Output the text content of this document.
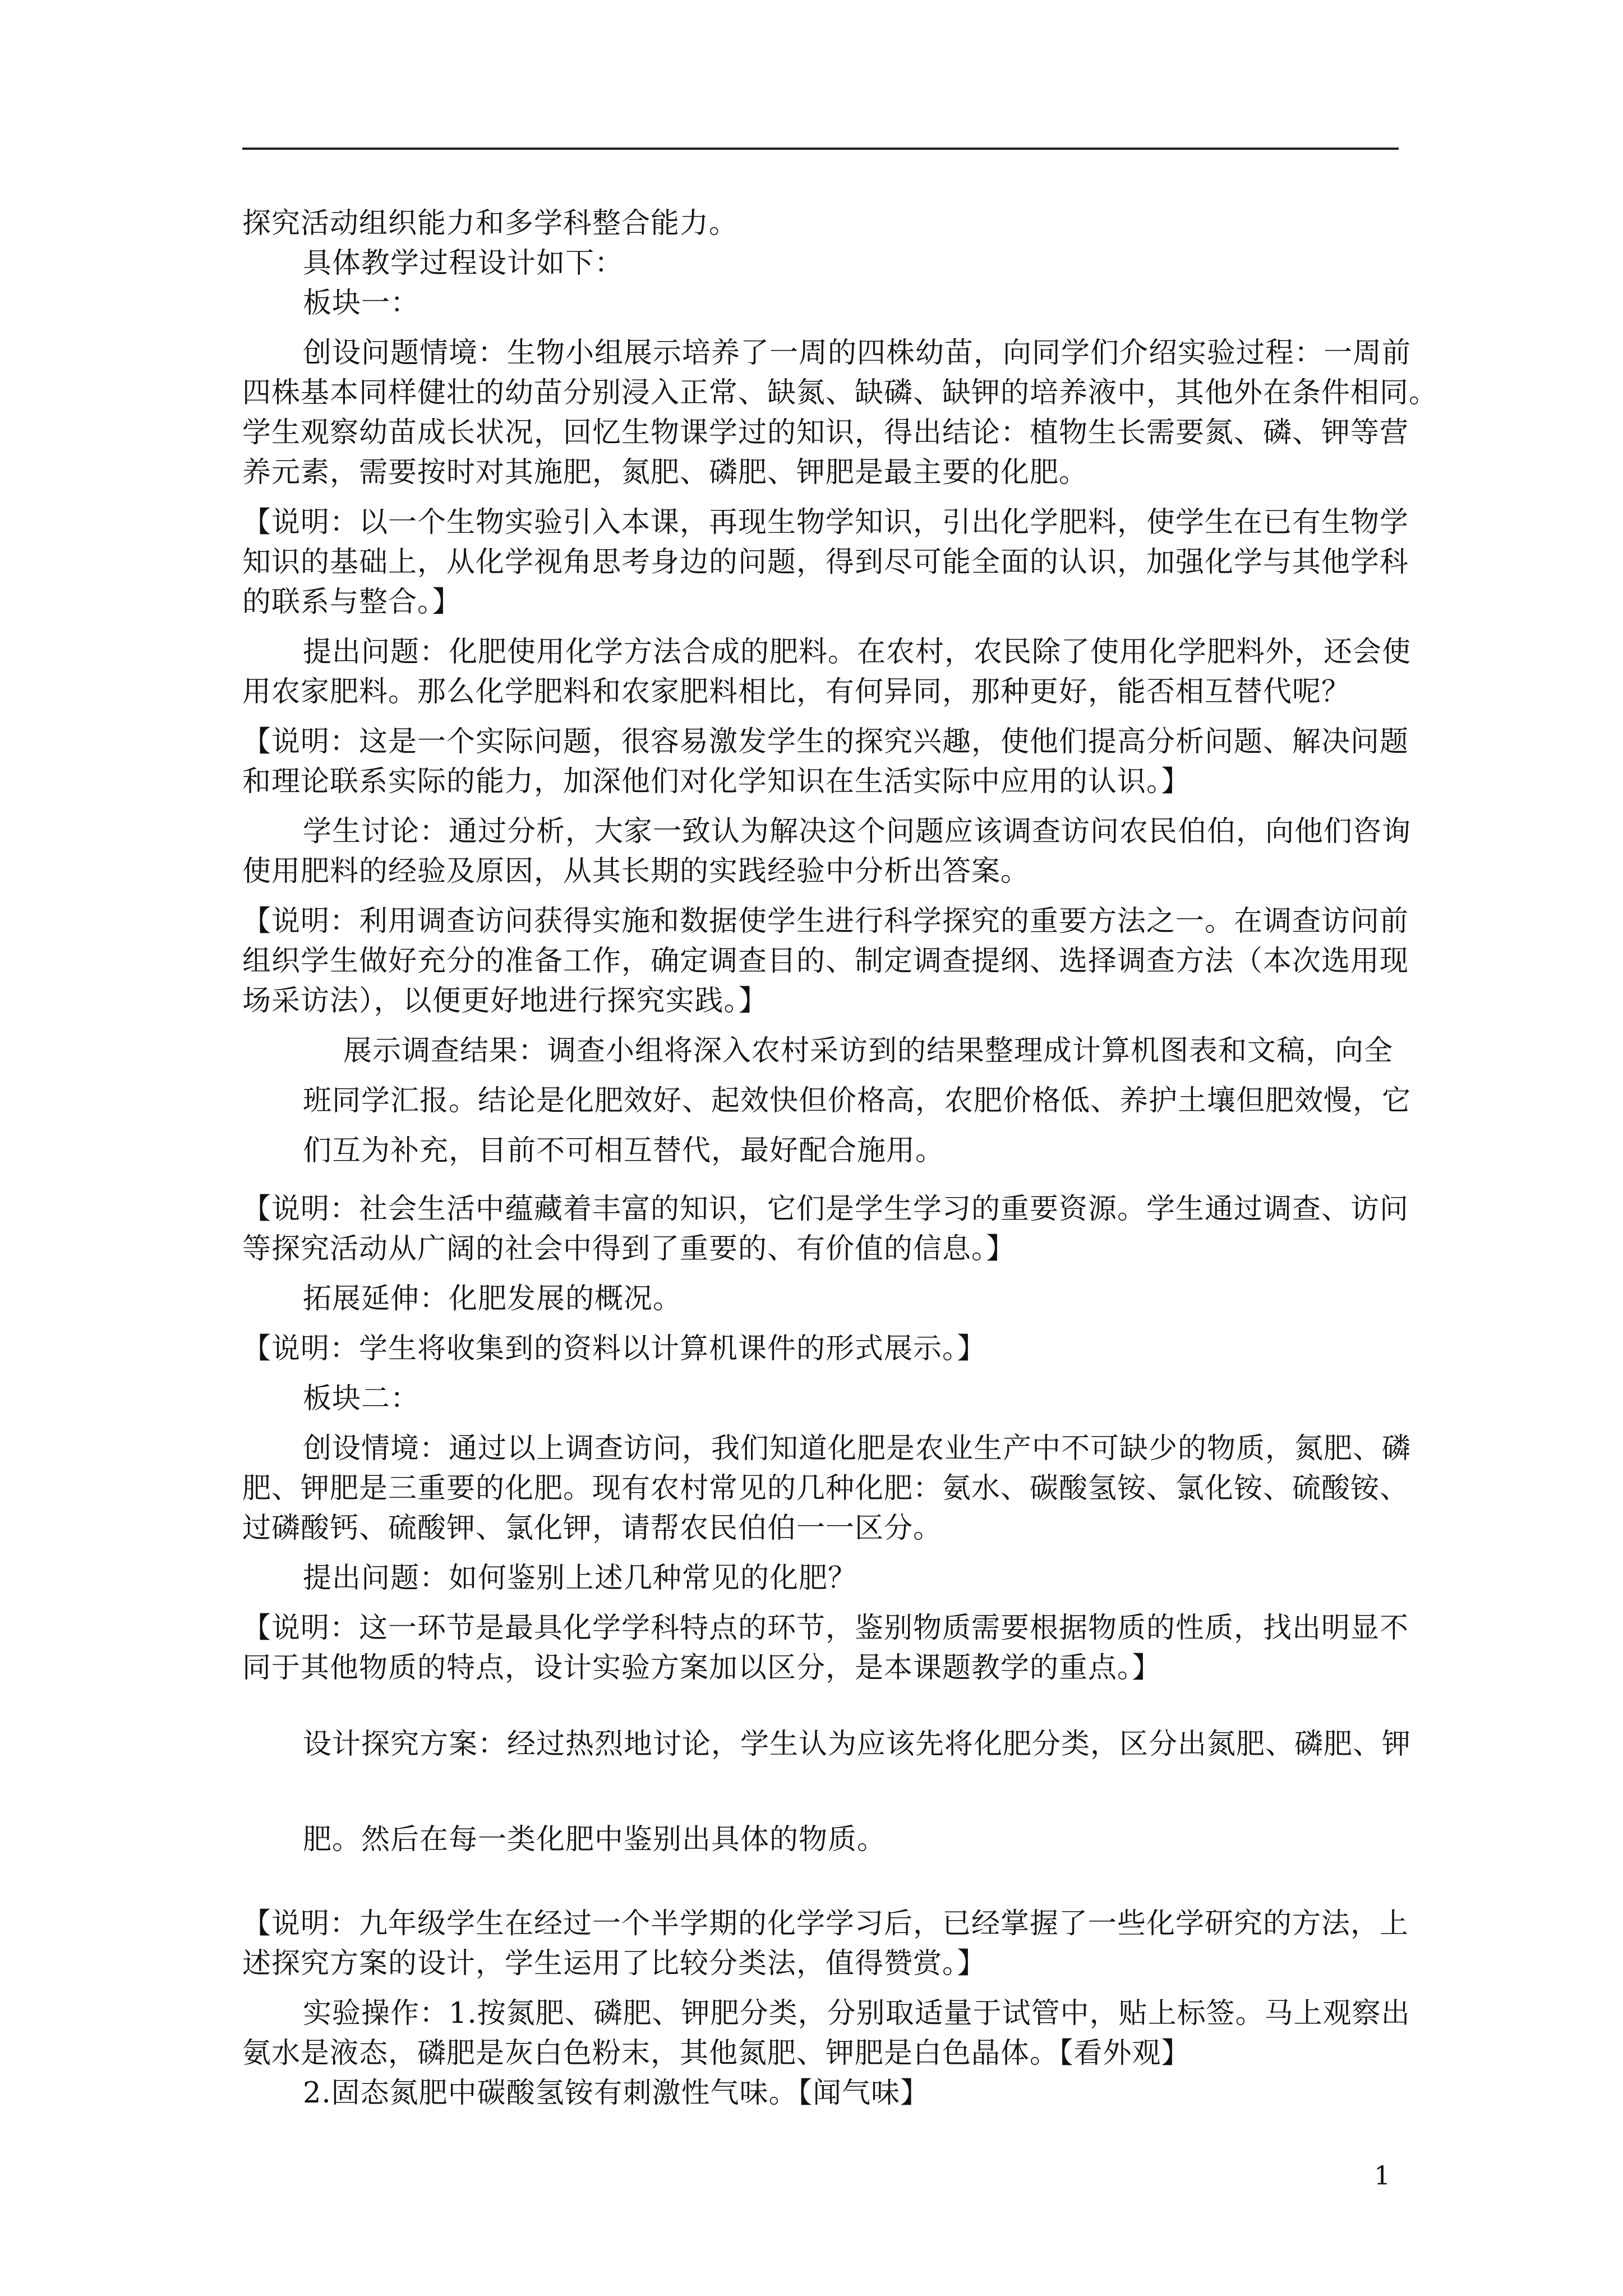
探究活动组织能力和多学科整合能力。
具体教学过程设计如下：
板块一：
创设问题情境：生物小组展示培养了一周的四株幼苗，向同学们介绍实验过程：一周前
四株基本同样健壮的幼苗分别浸入正常、缺氮、缺磷、缺钾的培养液中，其他外在条件相同。
学生观察幼苗成长状况，回忆生物课学过的知识，得出结论：植物生长需要氮、磷、钾等营
养元素，需要按时对其施肥，氮肥、磷肥、钾肥是最主要的化肥。
【说明：以一个生物实验引入本课，再现生物学知识，引出化学肥料，使学生在已有生物学
知识的基础上，从化学视角思考身边的问题，得到尽可能全面的认识，加强化学与其他学科
的联系与整合。】
提出问题：化肥使用化学方法合成的肥料。在农村，农民除了使用化学肥料外，还会使
用农家肥料。那么化学肥料和农家肥料相比，有何异同，那种更好，能否相互替代呢？
【说明：这是一个实际问题，很容易激发学生的探究兴趣，使他们提高分析问题、解决问题
和理论联系实际的能力，加深他们对化学知识在生活实际中应用的认识。】
学生讨论：通过分析，大家一致认为解决这个问题应该调查访问农民伯伯，向他们咨询
使用肥料的经验及原因，从其长期的实践经验中分析出答案。
【说明：利用调查访问获得实施和数据使学生进行科学探究的重要方法之一。在调查访问前
组织学生做好充分的准备工作，确定调查目的、制定调查提纲、选择调查方法（本次选用现
场采访法），以便更好地进行探究实践。】
展示调查结果：调查小组将深入农村采访到的结果整理成计算机图表和文稿，向全
班同学汇报。结论是化肥效好、起效快但价格高，农肥价格低、养护土壤但肥效慢，它
们互为补充，目前不可相互替代，最好配合施用。
【说明：社会生活中蕴藏着丰富的知识，它们是学生学习的重要资源。学生通过调查、访问
等探究活动从广阔的社会中得到了重要的、有价值的信息。】
拓展延伸：化肥发展的概况。
【说明：学生将收集到的资料以计算机课件的形式展示。】
板块二：
创设情境：通过以上调查访问，我们知道化肥是农业生产中不可缺少的物质，氮肥、磷
肥、钾肥是三重要的化肥。现有农村常见的几种化肥：氨水、碳酸氢铵、氯化铵、硫酸铵、
过磷酸钙、硫酸钾、氯化钾，请帮农民伯伯一一区分。
提出问题：如何鉴别上述几种常见的化肥？
【说明：这一环节是最具化学学科特点的环节，鉴别物质需要根据物质的性质，找出明显不
同于其他物质的特点，设计实验方案加以区分，是本课题教学的重点。】
设计探究方案：经过热烈地讨论，学生认为应该先将化肥分类，区分出氮肥、磷肥、钾
肥。然后在每一类化肥中鉴别出具体的物质。
【说明：九年级学生在经过一个半学期的化学学习后，已经掌握了一些化学研究的方法，上
述探究方案的设计，学生运用了比较分类法，值得赞赏。】
实验操作：1.按氮肥、磷肥、钾肥分类，分别取适量于试管中，贴上标签。马上观察出
氨水是液态，磷肥是灰白色粉末，其他氮肥、钾肥是白色晶体。【看外观】
2.固态氮肥中碳酸氢铵有刺激性气味。【闻气味】
1
